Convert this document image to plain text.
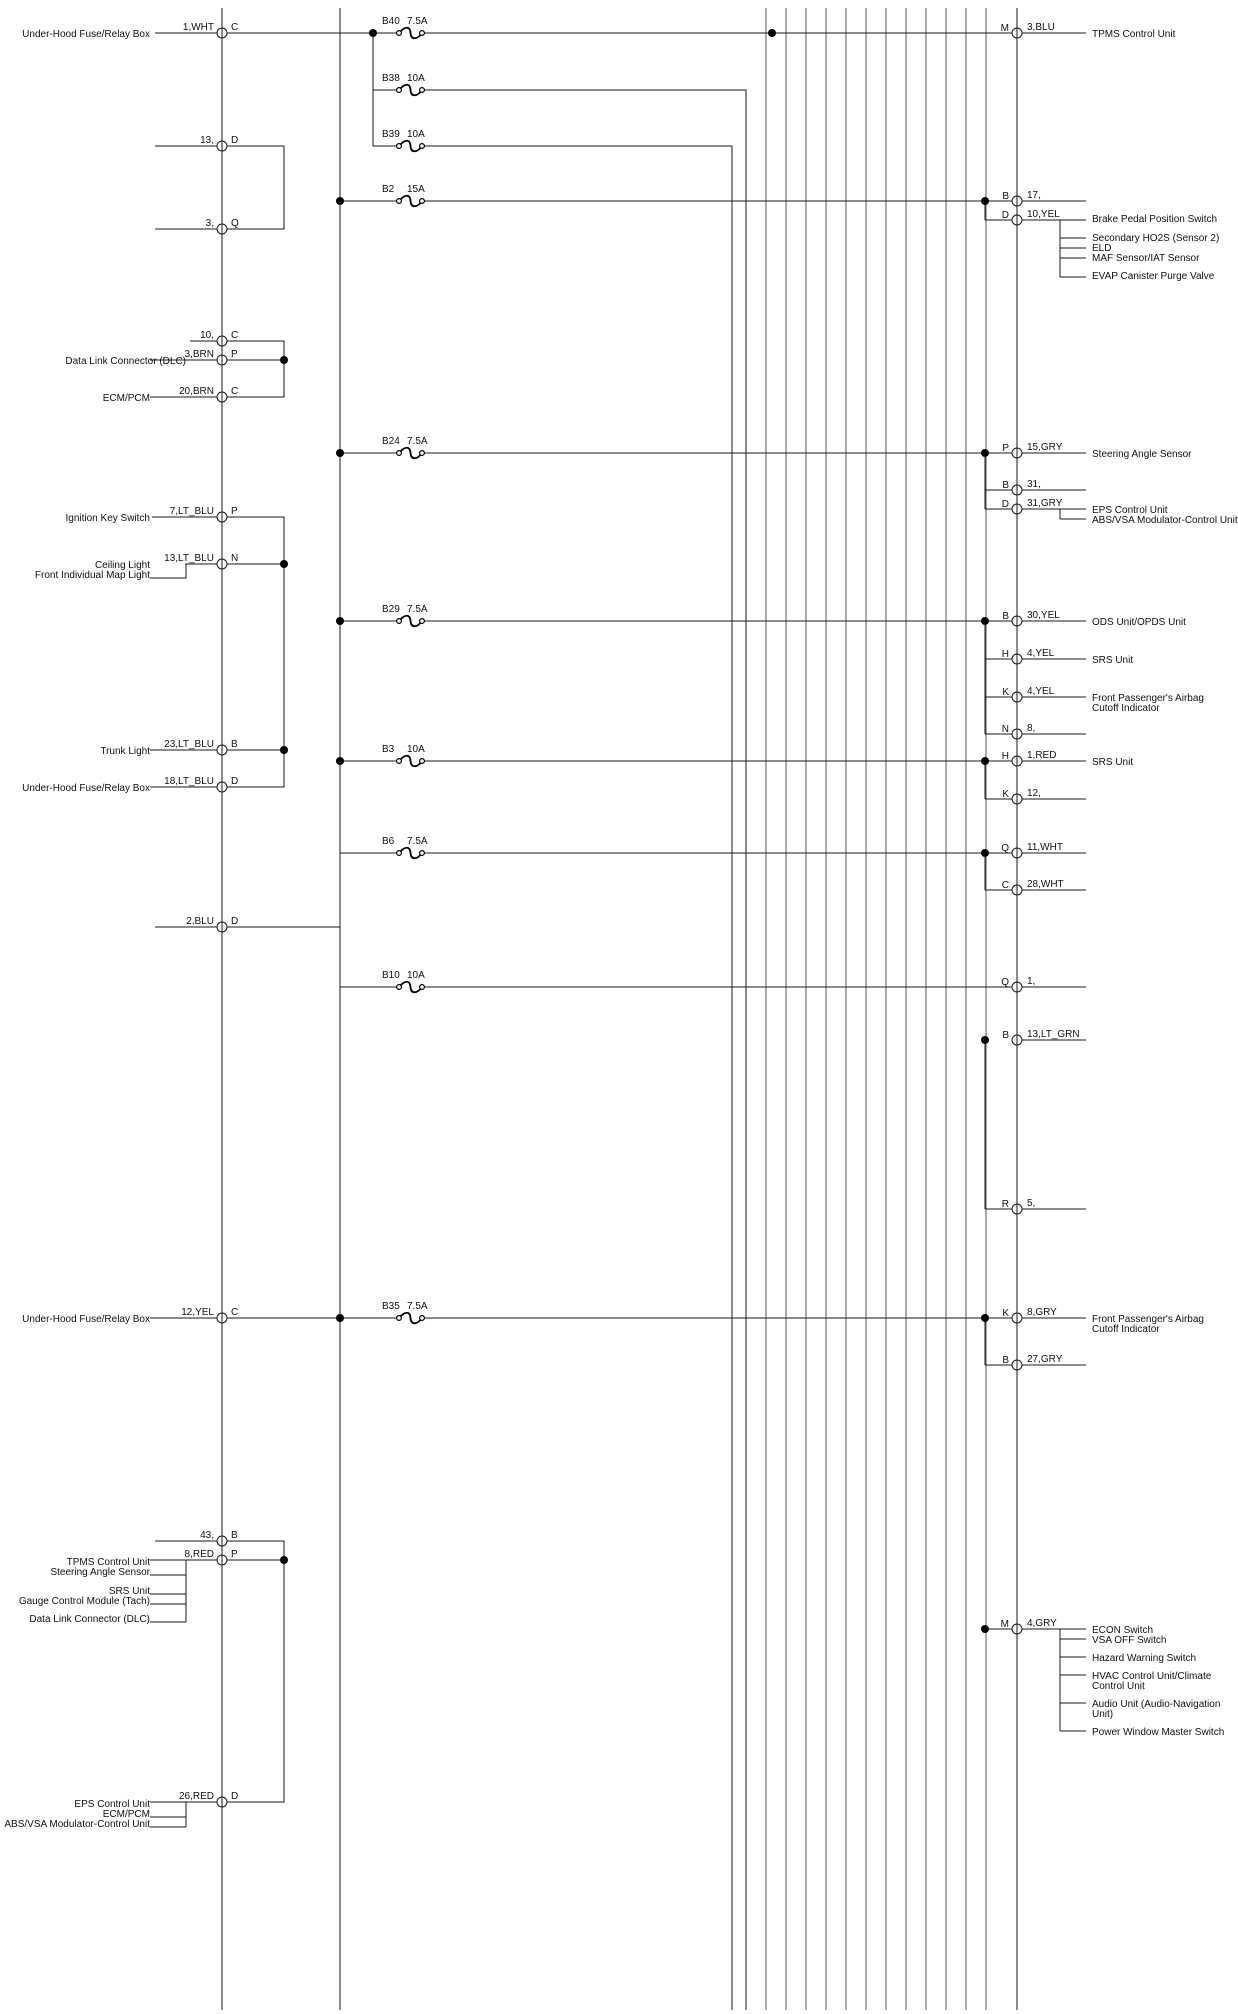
1,WHT C
13, D
3, Q
10, C
3,BRN P
20,BRN C
7,LT_BLU P
13,LT_BLU N
23,LT_BLU B
18,LT_BLU D
2,BLU D
12,YEL C
43, B
8,RED P
26,RED D
Under-Hood Fuse/Relay Box
Data Link Connector (DLC)
ECM/PCM
Ignition Key Switch
Ceiling Light
Front Individual Map Light
Trunk Light
Under-Hood Fuse/Relay Box
Under-Hood Fuse/Relay Box
TPMS Control Unit
Steering Angle Sensor
SRS Unit
Gauge Control Module (Tach)
Data Link Connector (DLC)
EPS Control Unit
ECM/PCM
ABS/VSA Modulator-Control Unit
B40 7.5A
B38 10A
B39 10A
B2 15A
B24 7.5A
B29 7.5A
B3 10A
B6 7.5A
B10 10A
B35 7.5A
M 3,BLU
B 17,
D 10,YEL
P 15,GRY
B 31,
D 31,GRY
B 30,YEL
H 4,YEL
K 4,YEL
N 8,
H 1,RED
K 12,
Q 11,WHT
C 28,WHT
Q 1,
B 13,LT_GRN
R 5,
K 8,GRY
B 27,GRY
M 4,GRY
TPMS Control Unit
Brake Pedal Position Switch
Secondary HO2S (Sensor 2)
ELD
MAF Sensor/IAT Sensor
EVAP Canister Purge Valve
Steering Angle Sensor
EPS Control Unit
ABS/VSA Modulator-Control Unit
ODS Unit/OPDS Unit
SRS Unit
Front Passenger's Airbag
Cutoff Indicator
SRS Unit
Front Passenger's Airbag
Cutoff Indicator
ECON Switch
VSA OFF Switch
Hazard Warning Switch
HVAC Control Unit/Climate
Control Unit
Audio Unit (Audio-Navigation
Unit)
Power Window Master Switch
